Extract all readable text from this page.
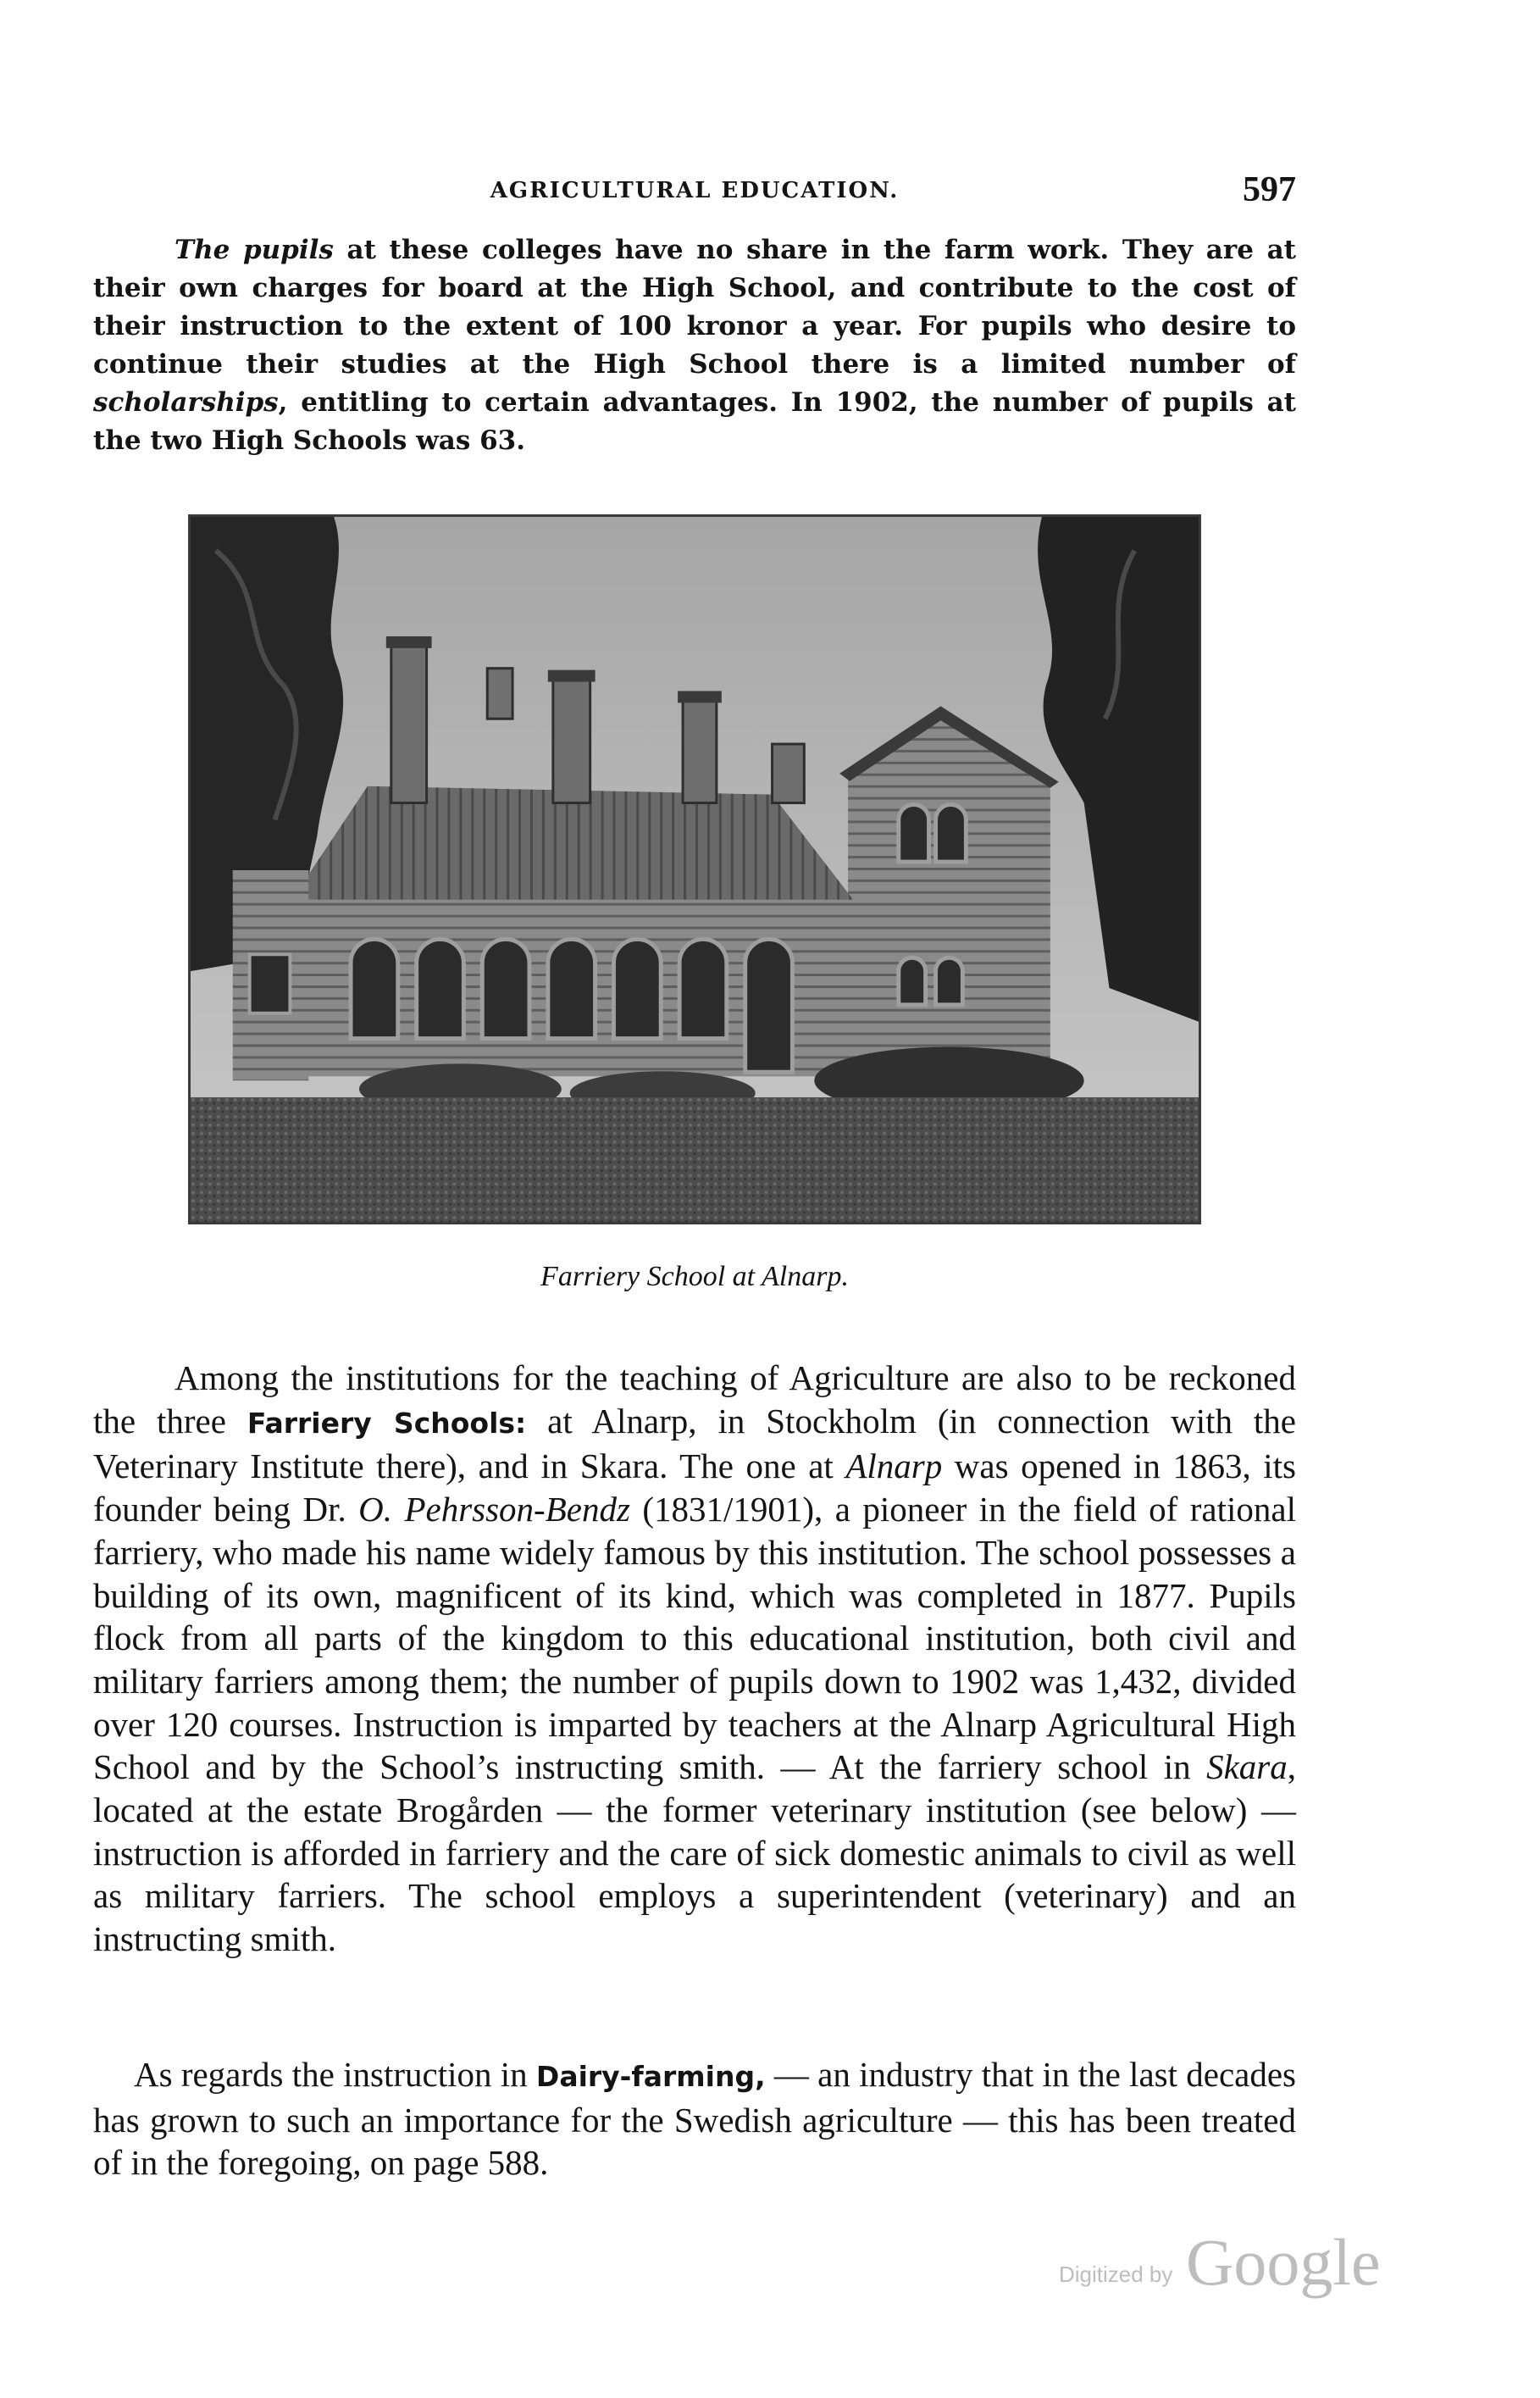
AGRICULTURAL EDUCATION.	597

The pupils at these colleges have no share in the farm work. They are at their own charges for board at the High School, and contribute to the cost of their instruction to the extent of 100 kronor a year. For pupils who desire to continue their studies at the High School there is a limited number of scholarships, entitling to certain advantages. In 1902, the number of pupils at the two High Schools was 63.

Farriery School at Alnarp.

Among the institutions for the teaching of Agriculture are also to be reckoned the three Farriery Schools: at Alnarp, in Stockholm (in connection with the Veterinary Institute there), and in Skara. The one at Alnarp was opened in 1863, its founder being Dr. O. Pehrsson-Bendz (1831/1901), a pioneer in the field of rational farriery, who made his name widely famous by this institution. The school possesses a building of its own, magnificent of its kind, which was completed in 1877. Pupils flock from all parts of the kingdom to this educational institution, both civil and military farriers among them; the number of pupils down to 1902 was 1,432, divided over 120 courses. Instruction is imparted by teachers at the Alnarp Agricultural High School and by the School’s instructing smith. — At the farriery school in Skara, located at the estate Brogården — the former veterinary institution (see below) — instruction is afforded in farriery and the care of sick domestic animals to civil as well as military farriers. The school employs a superintendent (veterinary) and an instructing smith.

As regards the instruction in Dairy-farming, — an industry that in the last decades has grown to such an importance for the Swedish agriculture — this has been treated of in the foregoing, on page 588.

Digitized by Google
